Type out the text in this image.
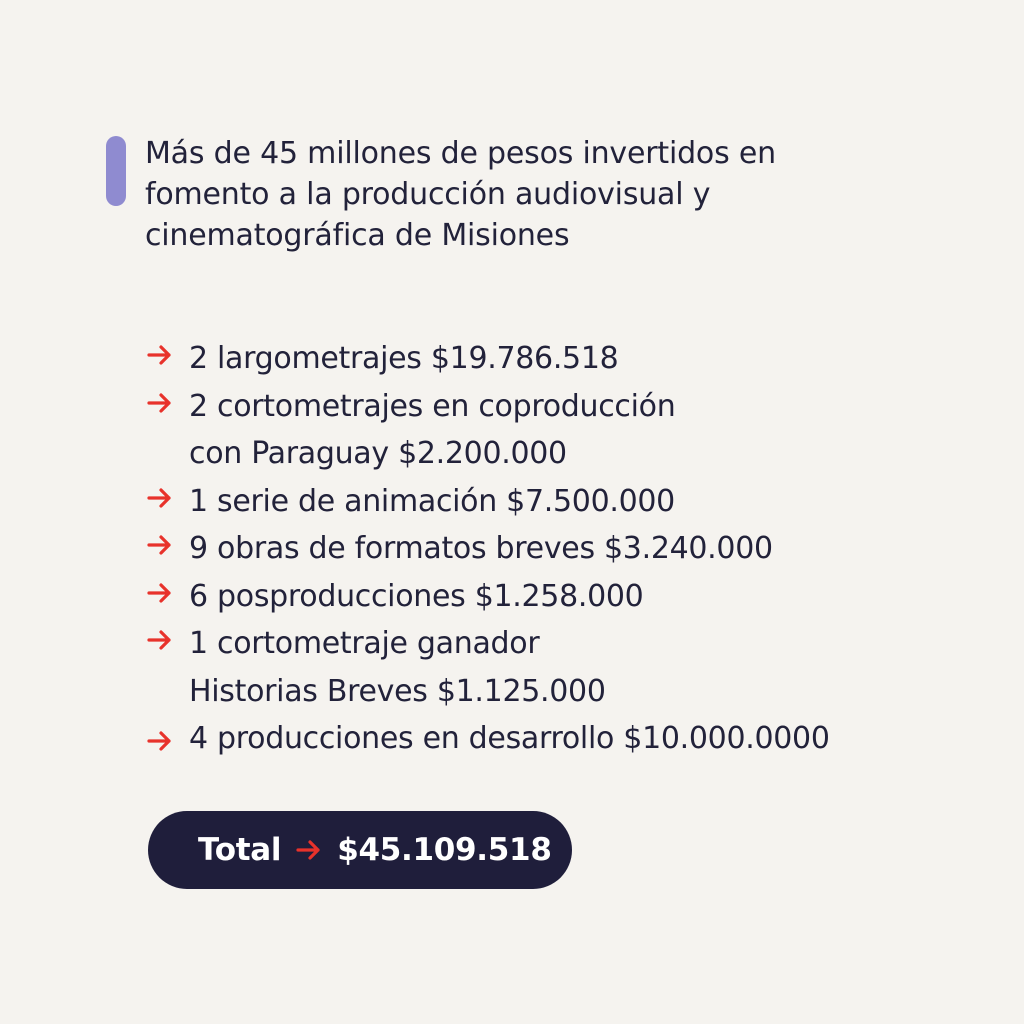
Más de 45 millones de pesos invertidos en
fomento a la producción audiovisual y
cinematográfica de Misiones
2 largometrajes $19.786.518
2 cortometrajes en coproducción
con Paraguay $2.200.000
1 serie de animación $7.500.000
9 obras de formatos breves $3.240.000
6 posproducciones $1.258.000
1 cortometraje ganador
Historias Breves $1.125.000
4 producciones en desarrollo $10.000.0000
Total $45.109.518
